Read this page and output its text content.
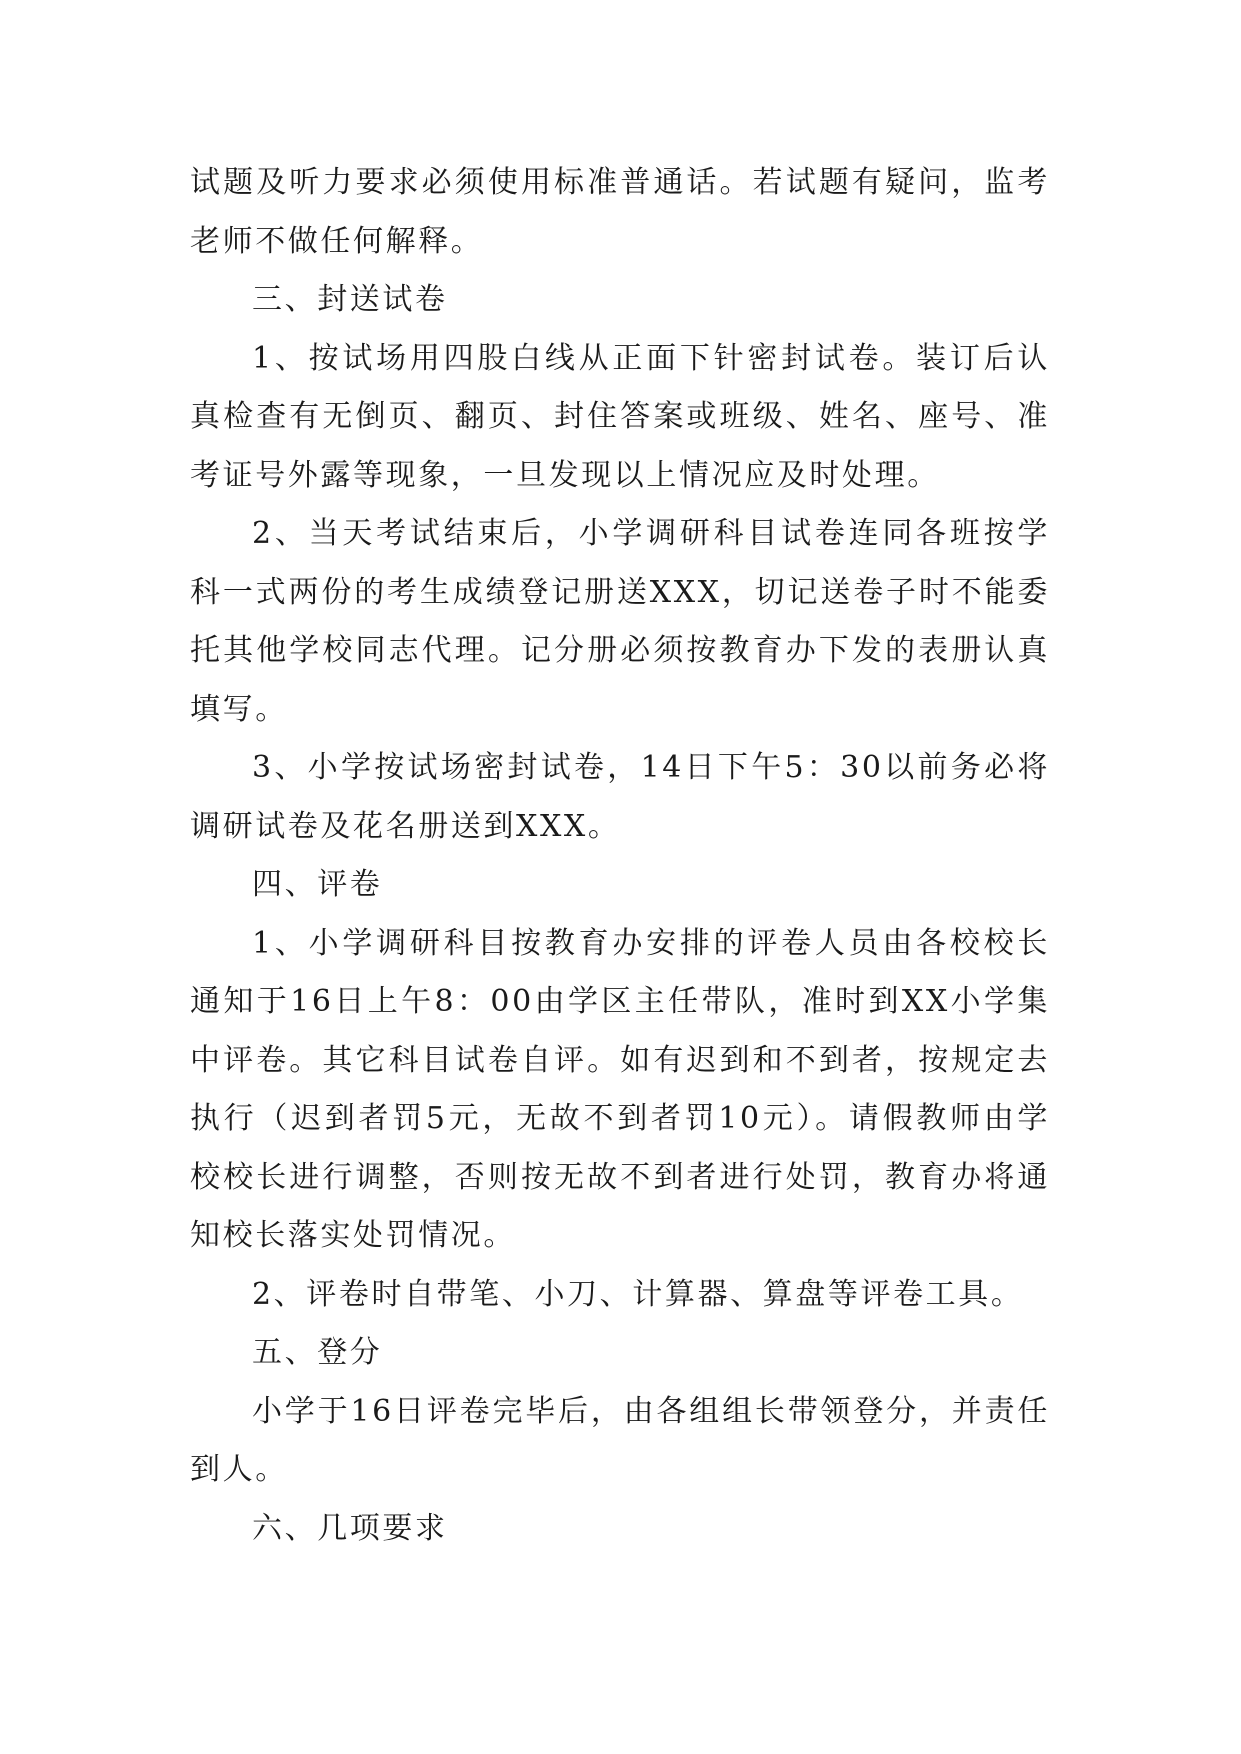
试题及听力要求必须使用标准普通话。若试题有疑问，监考老师不做任何解释。

三、封送试卷

1、按试场用四股白线从正面下针密封试卷。装订后认真检查有无倒页、翻页、封住答案或班级、姓名、座号、准考证号外露等现象，一旦发现以上情况应及时处理。

2、当天考试结束后，小学调研科目试卷连同各班按学科一式两份的考生成绩登记册送XXX，切记送卷子时不能委托其他学校同志代理。记分册必须按教育办下发的表册认真填写。

3、小学按试场密封试卷，14日下午5：30以前务必将调研试卷及花名册送到XXX。

四、评卷

1、小学调研科目按教育办安排的评卷人员由各校校长通知于16日上午8：00由学区主任带队，准时到XX小学集中评卷。其它科目试卷自评。如有迟到和不到者，按规定去执行（迟到者罚5元，无故不到者罚10元）。请假教师由学校校长进行调整，否则按无故不到者进行处罚，教育办将通知校长落实处罚情况。

2、评卷时自带笔、小刀、计算器、算盘等评卷工具。

五、登分

小学于16日评卷完毕后，由各组组长带领登分，并责任到人。

六、几项要求
